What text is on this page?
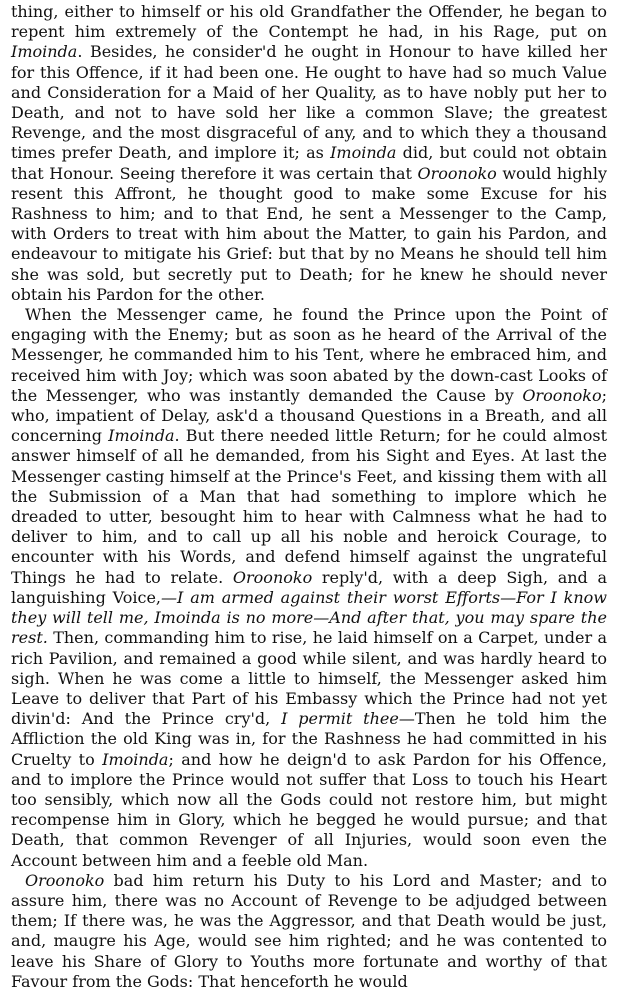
thing, either to himself or his old Grandfather the Offender, he began to repent him extremely of the Contempt he had, in his Rage, put on Imoinda. Besides, he consider'd he ought in Honour to have killed her for this Offence, if it had been one. He ought to have had so much Value and Consideration for a Maid of her Quality, as to have nobly put her to Death, and not to have sold her like a common Slave; the greatest Revenge, and the most disgraceful of any, and to which they a thousand times prefer Death, and implore it; as Imoinda did, but could not obtain that Honour. Seeing therefore it was certain that Oroonoko would highly resent this Affront, he thought good to make some Excuse for his Rashness to him; and to that End, he sent a Messenger to the Camp, with Orders to treat with him about the Matter, to gain his Pardon, and endeavour to mitigate his Grief: but that by no Means he should tell him she was sold, but secretly put to Death; for he knew he should never obtain his Pardon for the other.

When the Messenger came, he found the Prince upon the Point of engaging with the Enemy; but as soon as he heard of the Arrival of the Messenger, he commanded him to his Tent, where he embraced him, and received him with Joy; which was soon abated by the down-cast Looks of the Messenger, who was instantly demanded the Cause by Oroonoko; who, impatient of Delay, ask'd a thousand Questions in a Breath, and all concerning Imoinda. But there needed little Return; for he could almost answer himself of all he demanded, from his Sight and Eyes. At last the Messenger casting himself at the Prince's Feet, and kissing them with all the Submission of a Man that had something to implore which he dreaded to utter, besought him to hear with Calmness what he had to deliver to him, and to call up all his noble and heroick Courage, to encounter with his Words, and defend himself against the ungrateful Things he had to relate. Oroonoko reply'd, with a deep Sigh, and a languishing Voice,—I am armed against their worst Efforts—For I know they will tell me, Imoinda is no more—And after that, you may spare the rest. Then, commanding him to rise, he laid himself on a Carpet, under a rich Pavilion, and remained a good while silent, and was hardly heard to sigh. When he was come a little to himself, the Messenger asked him Leave to deliver that Part of his Embassy which the Prince had not yet divin'd: And the Prince cry'd, I permit thee—Then he told him the Affliction the old King was in, for the Rashness he had committed in his Cruelty to Imoinda; and how he deign'd to ask Pardon for his Offence, and to implore the Prince would not suffer that Loss to touch his Heart too sensibly, which now all the Gods could not restore him, but might recompense him in Glory, which he begged he would pursue; and that Death, that common Revenger of all Injuries, would soon even the Account between him and a feeble old Man.

Oroonoko bad him return his Duty to his Lord and Master; and to assure him, there was no Account of Revenge to be adjudged between them; If there was, he was the Aggressor, and that Death would be just, and, maugre his Age, would see him righted; and he was contented to leave his Share of Glory to Youths more fortunate and worthy of that Favour from the Gods: That henceforth he would
